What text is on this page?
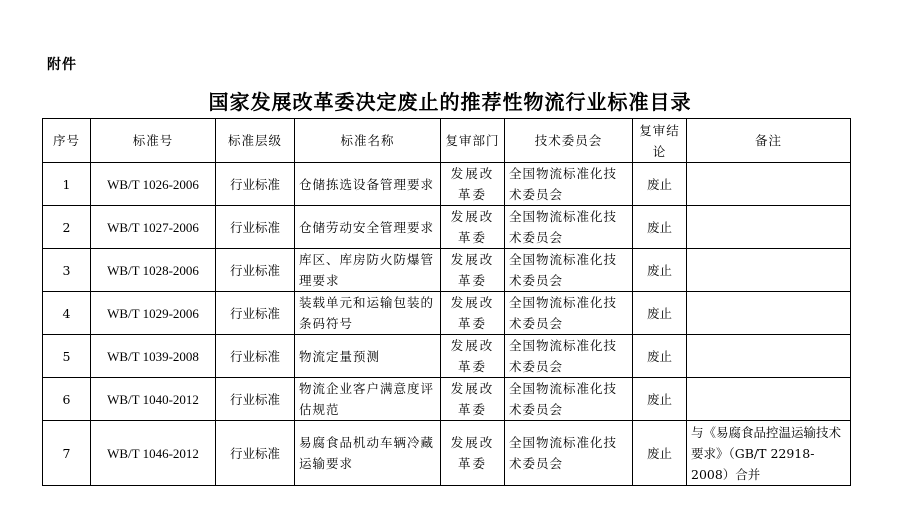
附件
国家发展改革委决定废止的推荐性物流行业标准目录
序号	标准号	标准层级	标准名称	复审部门	技术委员会	复审结论	备注
1	WB/T 1026-2006	行业标准	仓储拣选设备管理要求	发展改革委	全国物流标准化技术委员会	废止	
2	WB/T 1027-2006	行业标准	仓储劳动安全管理要求	发展改革委	全国物流标准化技术委员会	废止	
3	WB/T 1028-2006	行业标准	库区、库房防火防爆管理要求	发展改革委	全国物流标准化技术委员会	废止	
4	WB/T 1029-2006	行业标准	装载单元和运输包装的条码符号	发展改革委	全国物流标准化技术委员会	废止	
5	WB/T 1039-2008	行业标准	物流定量预测	发展改革委	全国物流标准化技术委员会	废止	
6	WB/T 1040-2012	行业标准	物流企业客户满意度评估规范	发展改革委	全国物流标准化技术委员会	废止	
7	WB/T 1046-2012	行业标准	易腐食品机动车辆冷藏运输要求	发展改革委	全国物流标准化技术委员会	废止	与《易腐食品控温运输技术要求》（GB/T 22918-2008）合并
